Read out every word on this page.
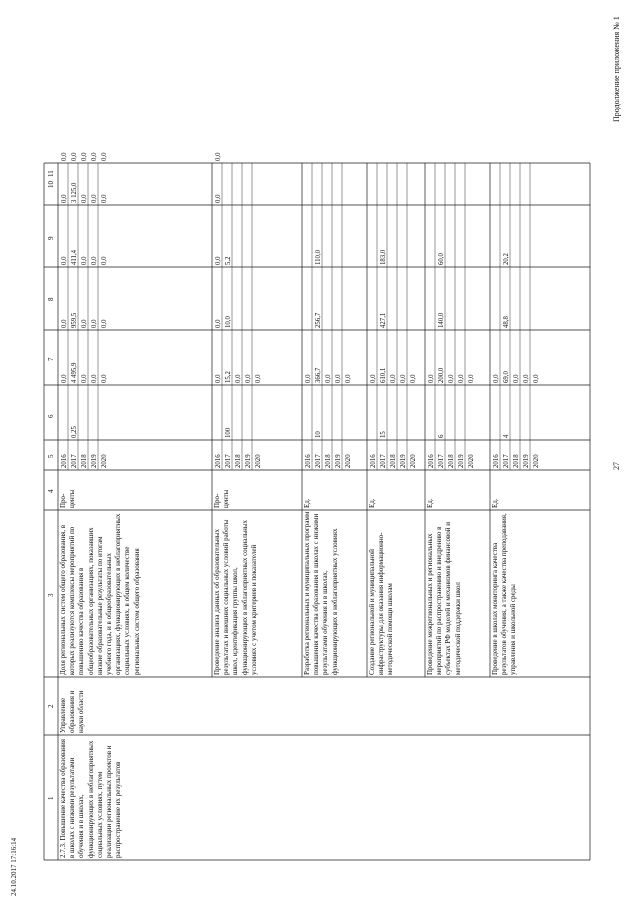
Продолжение приложения № 1
27
24.10.2017 17:16:14
1
2
3
4
5
6
7
8
9
10
11
2.7.3. Повышение качества образования в школах с низкими результатами обучения и в школах, функционирующих в неблагоприятных социальных условиях, путем реализации региональных проектов и распространение их результатов
Управление образования и науки области
Доля региональных систем общего образования, в которых реализуются комплексы мероприятий по повышению качества образования в общеобразовательных организациях, показавших низкие образовательные результаты по итогам учебного года, и в общеобразовательных организациях, функционирующих в неблагоприятных социальных условиях, в общем количестве региональных систем общего образования
Про-
центы
2016 2017 2018 2019 2020
0,25
0,0 4 495,9 0,0 0,0 0,0
0,0 959,5 0,0 0,0 0,0
0,0 411,4 0,0 0,0 0,0
0,0 3 125,0 0,0 0,0 0,0
0,0 0,0 0,0 0,0 0,0
Проведение анализа данных об образовательных результатах и внешних социальных условий работы школ, идентификация группы школ, функционирующих в неблагоприятных социальных условиях с учетом критериев и показателей
Про-
центы
2016 2017 2018 2019 2020
100
0,0 15,2 0,0 0,0 0,0
0,0 10,0
0,0 5,2
0,0
0,0
Разработка региональных и муниципальных программ повышения качества образования в школах с низкими результатами обучения и в школах, функционирующих в неблагоприятных условиях
Ед.
2016 2017 2018 2019 2020
10
0,0 366,7 0,0 0,0 0,0
256,7
110,0
Создание региональной и муниципальной инфраструктуры для оказания информационно-методической помощи школам
Ед.
2016 2017 2018 2019 2020
15
0,0 610,1 0,0 0,0 0,0
427,1
183,0
Проведение межрегиональных и региональных мероприятий по распространению и внедрению в субъектах РФ моделей и механизмов финансовой и методической поддержки школ
Ед.
2016 2017 2018 2019 2020
6
0,0 200,0 0,0 0,0 0,0
140,0
60,0
Проведение в школах мониторинга качества результатов обучения, а также качества преподавания, управления и школьной среды
Ед.
2016 2017 2018 2019 2020
4
0,0 69,0 0,0 0,0 0,0
48,8
20,2
